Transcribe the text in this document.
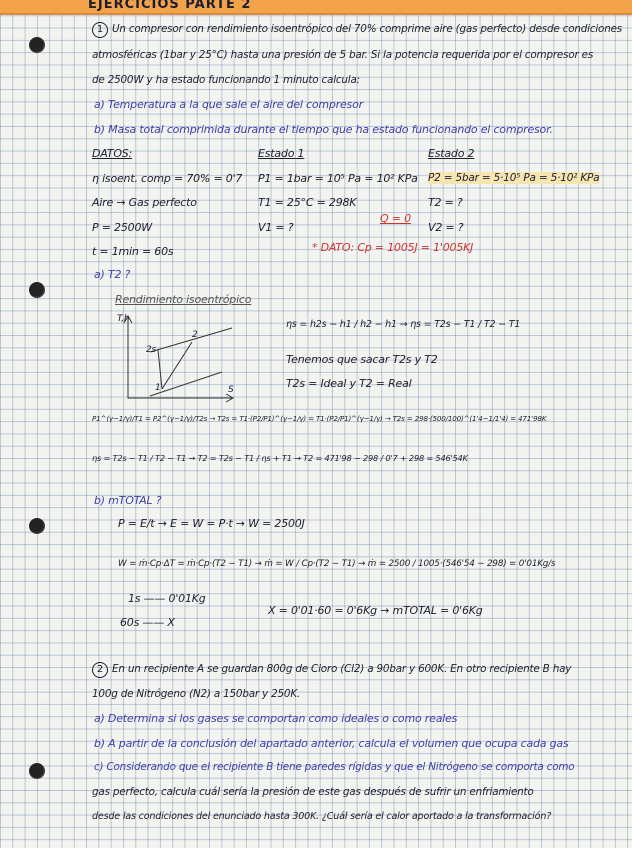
EJERCICIOS PARTE 2
1 Un compresor con rendimiento isoentrópico del 70% comprime aire (gas perfecto) desde condiciones
atmosféricas (1bar y 25°C) hasta una presión de 5 bar. Si la potencia requerida por el compresor es
de 2500W y ha estado funcionando 1 minuto calcula:
a) Temperatura a la que sale el aire del compresor
b) Masa total comprimida durante el tiempo que ha estado funcionando el compresor.
DATOS:
η isoent. comp = 70% = 0'7
Aire → Gas perfecto
P = 2500W
t = 1min = 60s
Estado 1
P1 = 1bar = 10⁵ Pa = 10² KPa
T1 = 25°C = 298K
V1 = ?
Estado 2
P2 = 5bar = 5·10⁵ Pa = 5·10² KPa
T2 = ?
V2 = ?
Q = 0
* DATO: Cp = 1005J = 1'005KJ
a) T2 ?
Rendimiento isoentrópico
T,h
S
2s
2
1
ηs = h2s − h1 / h2 − h1 → ηs = T2s − T1 / T2 − T1
Tenemos que sacar T2s y T2
T2s = Ideal y T2 = Real
P1^(γ−1/γ)/T1 = P2^(γ−1/γ)/T2s → T2s = T1·(P2/P1)^(γ−1/γ) = T1·(P2/P1)^(γ−1/γ) → T2s = 298·(500/100)^(1'4−1/1'4) = 471'98K
ηs = T2s − T1 / T2 − T1 → T2 = T2s − T1 / ηs + T1 → T2 = 471'98 − 298 / 0'7 + 298 = 546'54K
b) mTOTAL ?
P = E/t → E = W = P·t → W = 2500J
W = ṁ·Cp·ΔT = ṁ·Cp·(T2 − T1) → ṁ = W / Cp·(T2 − T1) → ṁ = 2500 / 1005·(546'54 − 298) = 0'01Kg/s
1s —— 0'01Kg
60s —— X
X = 0'01·60 = 0'6Kg → mTOTAL = 0'6Kg
2 En un recipiente A se guardan 800g de Cloro (Cl2) a 90bar y 600K. En otro recipiente B hay
100g de Nitrógeno (N2) a 150bar y 250K.
a) Determina si los gases se comportan como ideales o como reales
b) A partir de la conclusión del apartado anterior, calcula el volumen que ocupa cada gas
c) Considerando que el recipiente B tiene paredes rígidas y que el Nitrógeno se comporta como
gas perfecto, calcula cuál sería la presión de este gas después de sufrir un enfriamiento
desde las condiciones del enunciado hasta 300K. ¿Cuál sería el calor aportado a la transformación?
